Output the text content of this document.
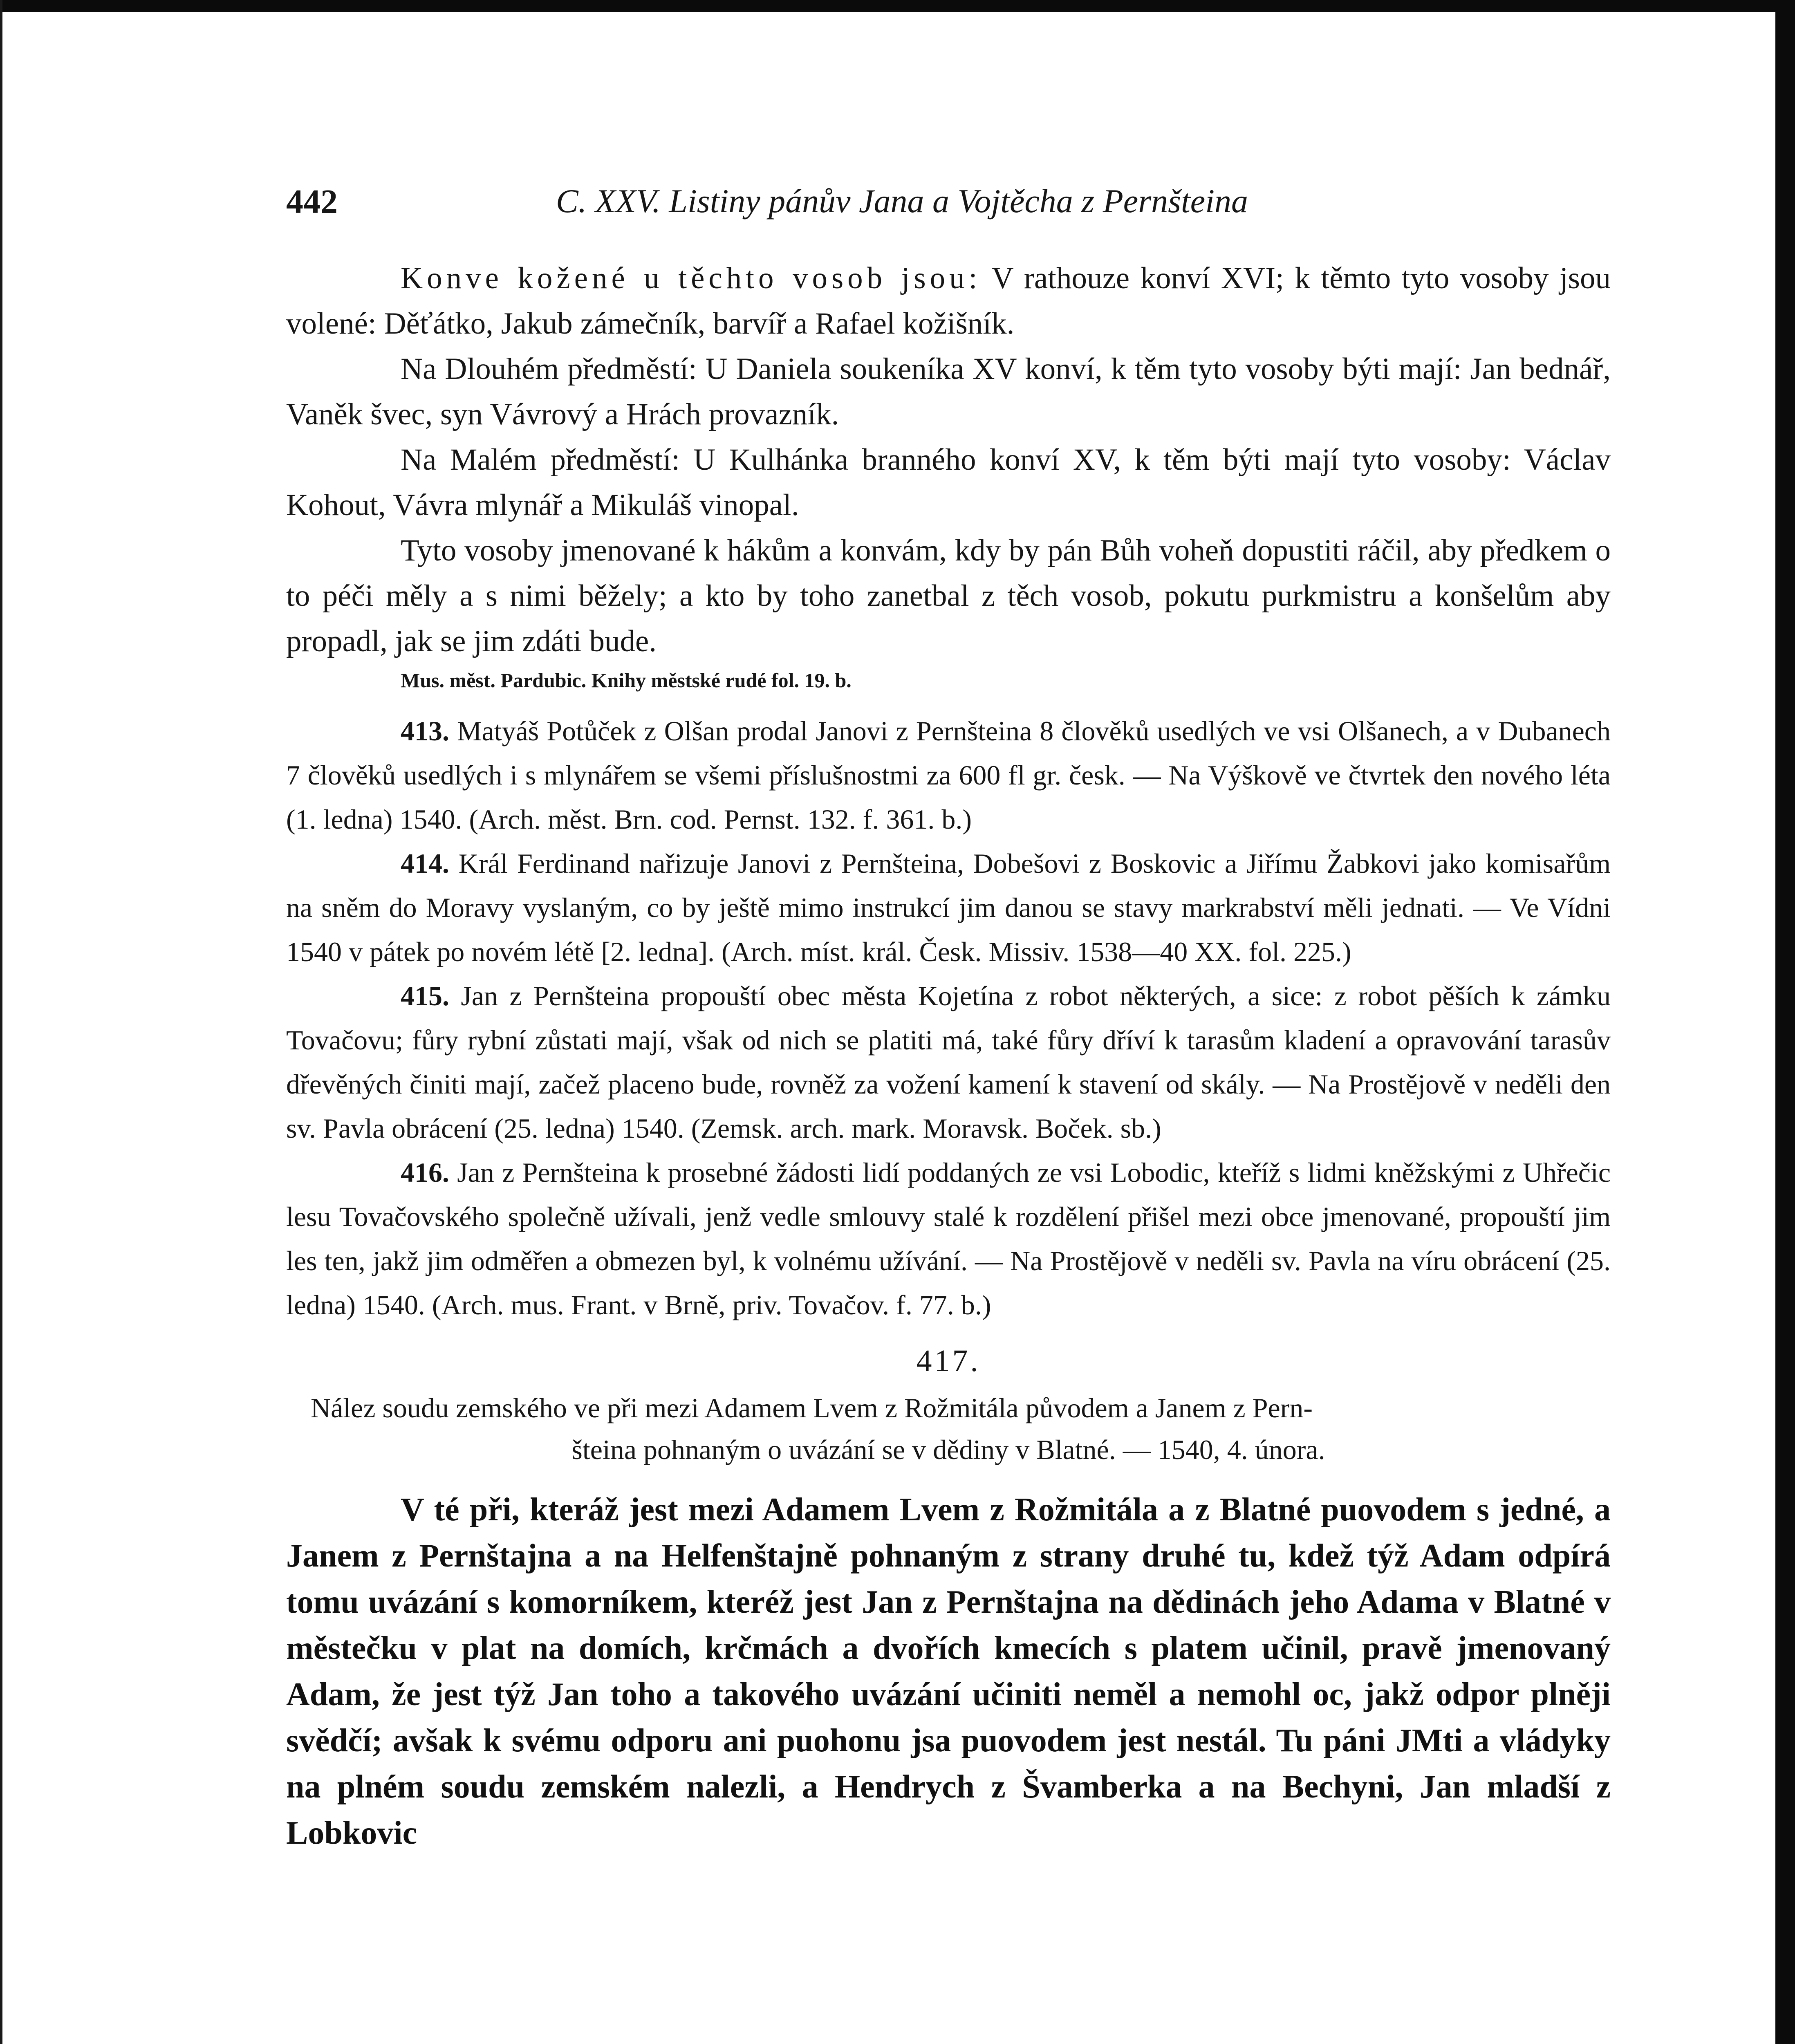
442	C. XXV. Listiny pánův Jana a Vojtěcha z Pernšteina

Konve kožené u těchto vosob jsou: V rathouze konví XVI; k těmto tyto vosoby jsou volené: Děťátko, Jakub zámečník, barvíř a Rafael kožišník.

Na Dlouhém předměstí: U Daniela soukeníka XV konví, k těm tyto vosoby býti mají: Jan bednář, Vaněk švec, syn Vávrový a Hrách provazník.

Na Malém předměstí: U Kulhánka branného konví XV, k těm býti mají tyto vosoby: Václav Kohout, Vávra mlynář a Mikuláš vinopal.

Tyto vosoby jmenované k hákům a konvám, kdy by pán Bůh voheň dopustiti ráčil, aby předkem o to péči měly a s nimi běžely; a kto by toho zanetbal z těch vosob, pokutu purkmistru a konšelům aby propadl, jak se jim zdáti bude.

Mus. měst. Pardubic. Knihy městské rudé fol. 19. b.

413. Matyáš Potůček z Olšan prodal Janovi z Pernšteina 8 člověků usedlých ve vsi Olšanech, a v Dubanech 7 člověků usedlých i s mlynářem se všemi příslušnostmi za 600 fl gr. česk. — Na Výškově ve čtvrtek den nového léta (1. ledna) 1540. (Arch. měst. Brn. cod. Pernst. 132. f. 361. b.)

414. Král Ferdinand nařizuje Janovi z Pernšteina, Dobešovi z Boskovic a Jiřímu Žabkovi jako komisařům na sněm do Moravy vyslaným, co by ještě mimo instrukcí jim danou se stavy markrabství měli jednati. — Ve Vídni 1540 v pátek po novém létě [2. ledna]. (Arch. míst. král. Česk. Missiv. 1538—40 XX. fol. 225.)

415. Jan z Pernšteina propouští obec města Kojetína z robot některých, a sice: z robot pěších k zámku Tovačovu; fůry rybní zůstati mají, však od nich se platiti má, také fůry dříví k tarasům kladení a opravování tarasův dřevěných činiti mají, začež placeno bude, rovněž za vožení kamení k stavení od skály. — Na Prostějově v neděli den sv. Pavla obrácení (25. ledna) 1540. (Zemsk. arch. mark. Moravsk. Boček. sb.)

416. Jan z Pernšteina k prosebné žádosti lidí poddaných ze vsi Lobodic, kteříž s lidmi kněžskými z Uhřečic lesu Tovačovského společně užívali, jenž vedle smlouvy stalé k rozdělení přišel mezi obce jmenované, propouští jim les ten, jakž jim odměřen a obmezen byl, k volnému užívání. — Na Prostějově v neděli sv. Pavla na víru obrácení (25. ledna) 1540. (Arch. mus. Frant. v Brně, priv. Tovačov. f. 77. b.)

417.
Nález soudu zemského ve při mezi Adamem Lvem z Rožmitála původem a Janem z Pern-
šteina pohnaným o uvázání se v dědiny v Blatné. — 1540, 4. února.

V té při, kteráž jest mezi Adamem Lvem z Rožmitála a z Blatné puovodem s jedné, a Janem z Pernštajna a na Helfenštajně pohnaným z strany druhé tu, kdež týž Adam odpírá tomu uvázání s komorníkem, kteréž jest Jan z Pernštajna na dědinách jeho Adama v Blatné v městečku v plat na domích, krčmách a dvořích kmecích s platem učinil, pravě jmenovaný Adam, že jest týž Jan toho a takového uvázání učiniti neměl a nemohl oc, jakž odpor plněji svědčí; avšak k svému odporu ani puohonu jsa puovodem jest nestál. Tu páni JMti a vládyky na plném soudu zemském nalezli, a Hendrych z Švamberka a na Bechyni, Jan mladší z Lobkovic
